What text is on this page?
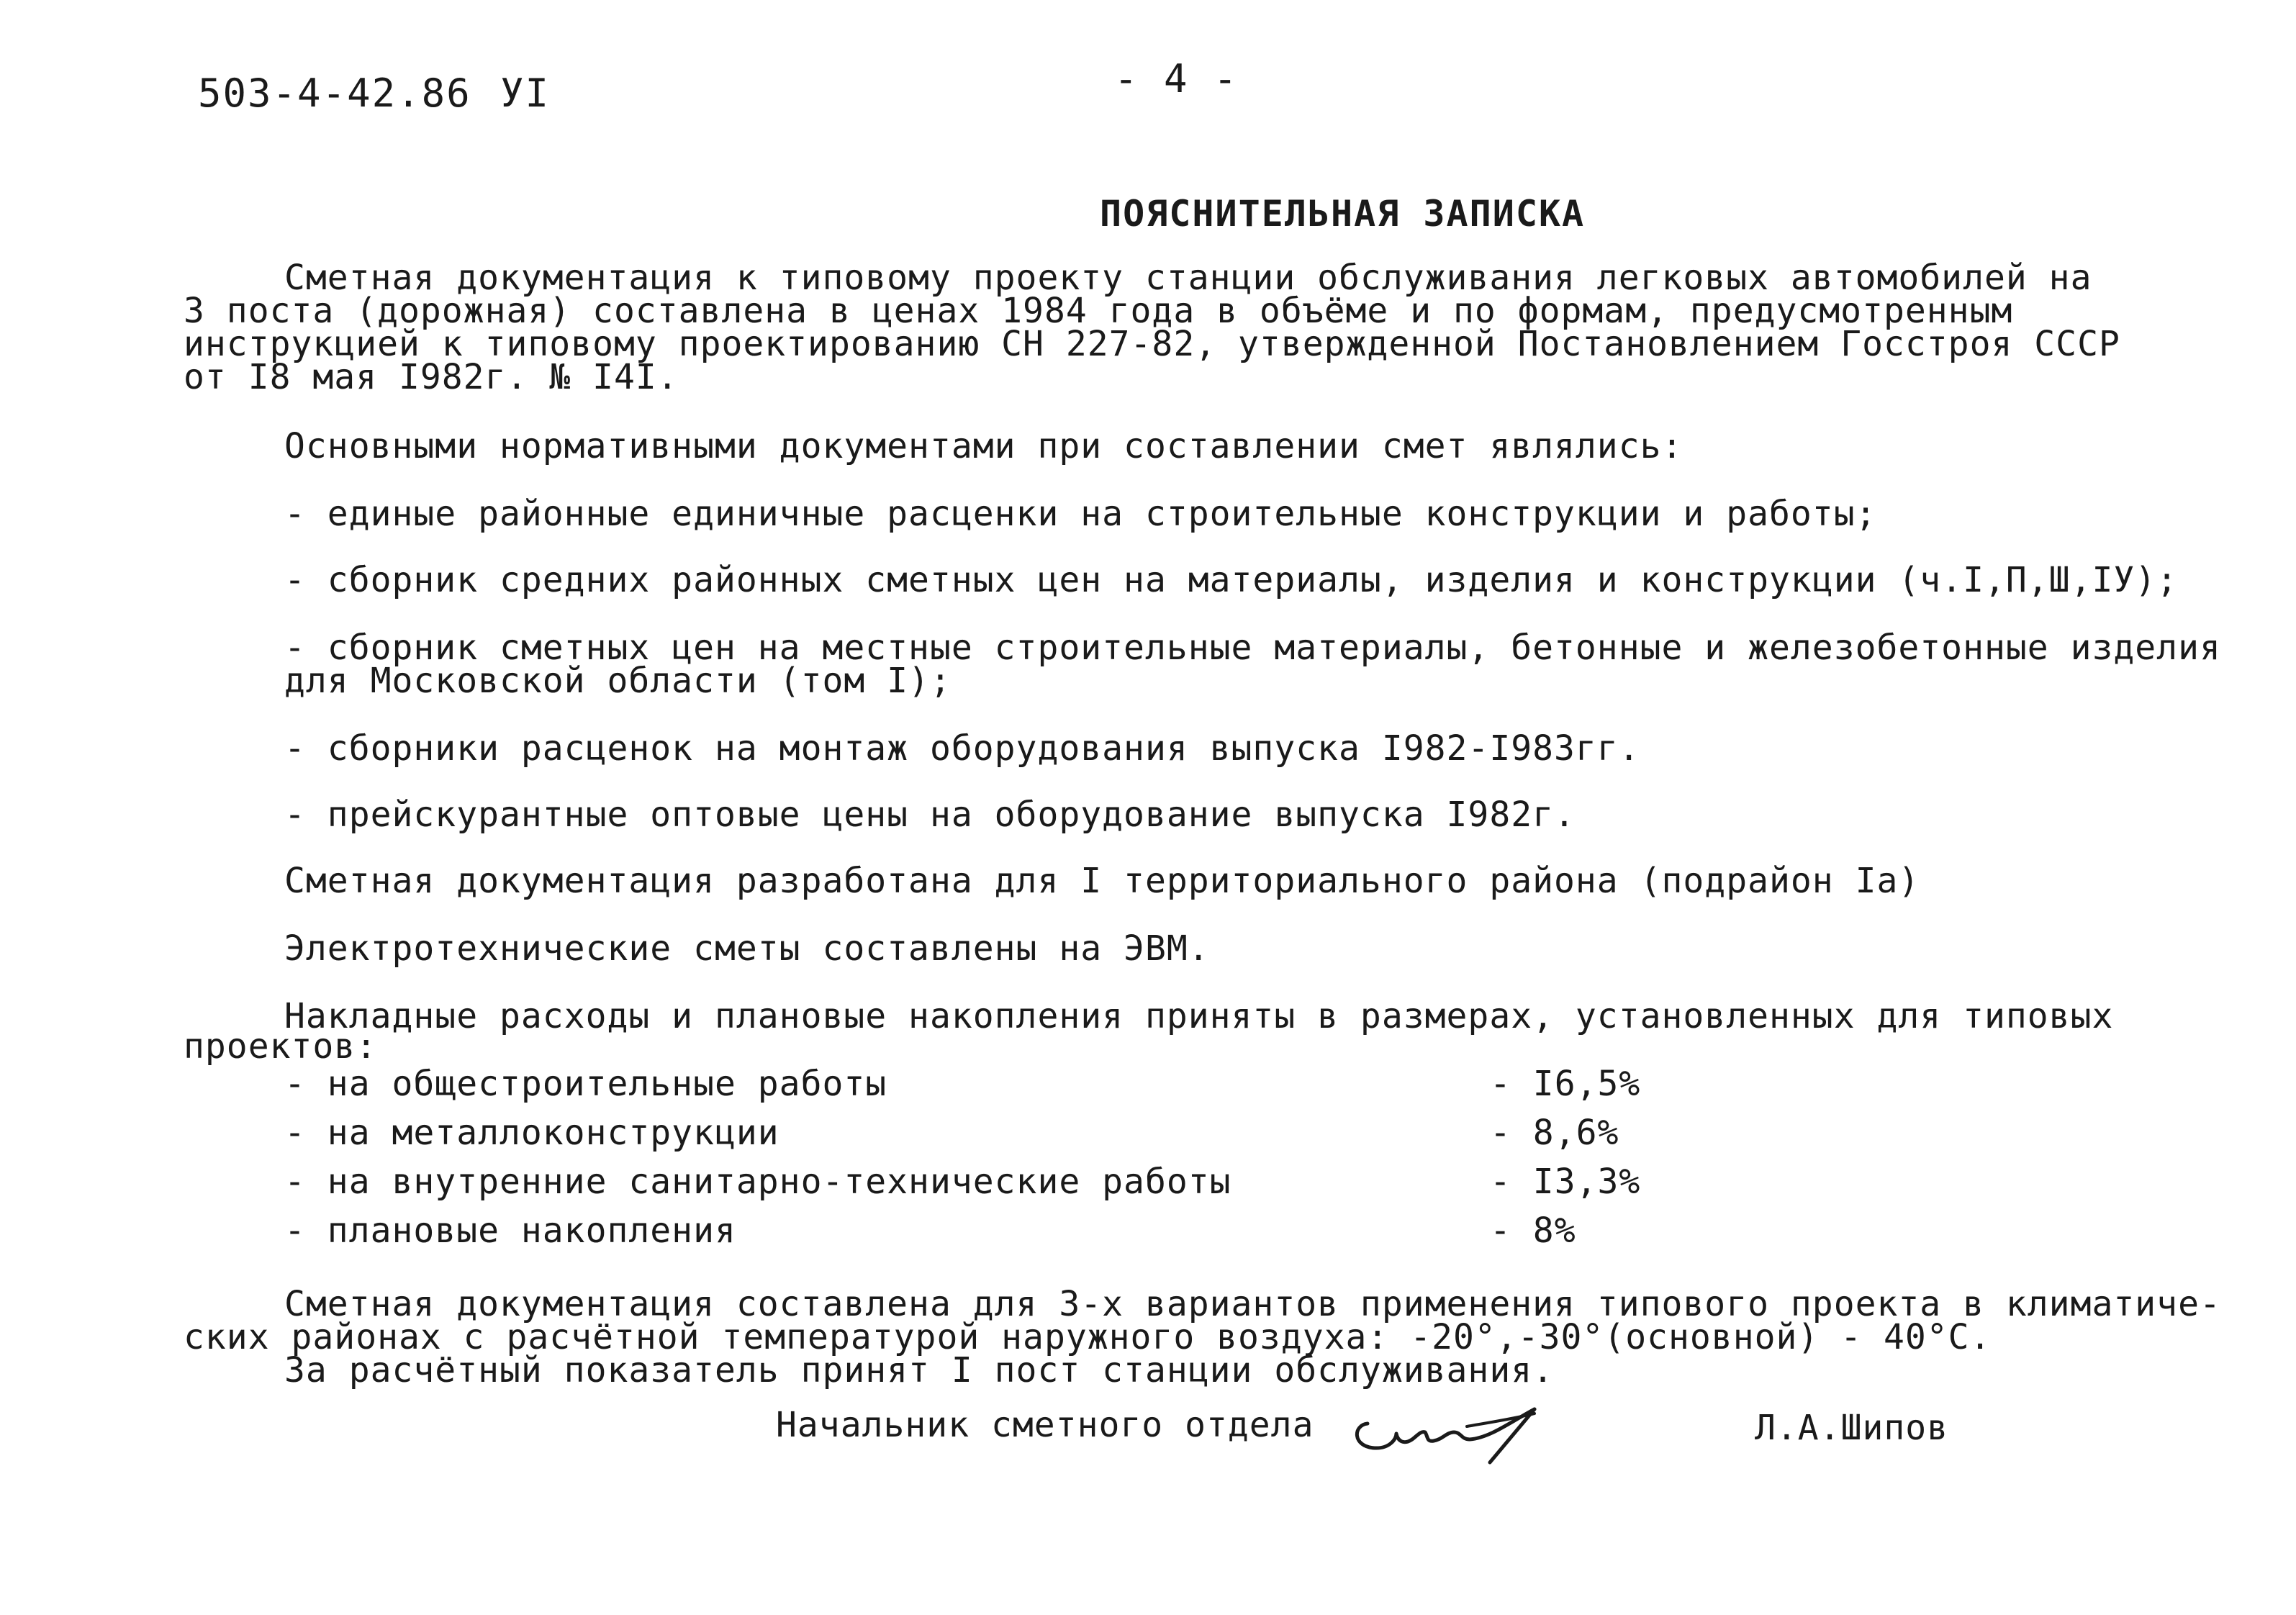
503-4-42.86 УI	- 4 -
ПОЯСНИТЕЛЬНАЯ ЗАПИСКА
Сметная документация к типовому проекту станции обслуживания легковых автомобилей на
3 поста (дорожная) составлена в ценах 1984 года в объёме и по формам, предусмотренным
инструкцией к типовому проектированию СН 227-82, утвержденной Постановлением Госстроя СССР
от I8 мая I982г. № I4I.
Основными нормативными документами при составлении смет являлись:
- единые районные единичные расценки на строительные конструкции и работы;
- сборник средних районных сметных цен на материалы, изделия и конструкции (ч.I,П,Ш,IУ);
- сборник сметных цен на местные строительные материалы, бетонные и железобетонные изделия
для Московской области (том I);
- сборники расценок на монтаж оборудования выпуска I982-I983гг.
- прейскурантные оптовые цены на оборудование выпуска I982г.
Сметная документация разработана для I территориального района (подрайон Iа)
Электротехнические сметы составлены на ЭВМ.
Накладные расходы и плановые накопления приняты в размерах, установленных для типовых
проектов:
- на общестроительные работы	- I6,5%
- на металлоконструкции	- 8,6%
- на внутренние санитарно-технические работы	- I3,3%
- плановые накопления	- 8%
Сметная документация составлена для 3-х вариантов применения типового проекта в климатиче-
ских районах с расчётной температурой наружного воздуха: -20°,-30°(основной) - 40°С.
За расчётный показатель принят I пост станции обслуживания.
Начальник сметного отдела	Л.А.Шипов
